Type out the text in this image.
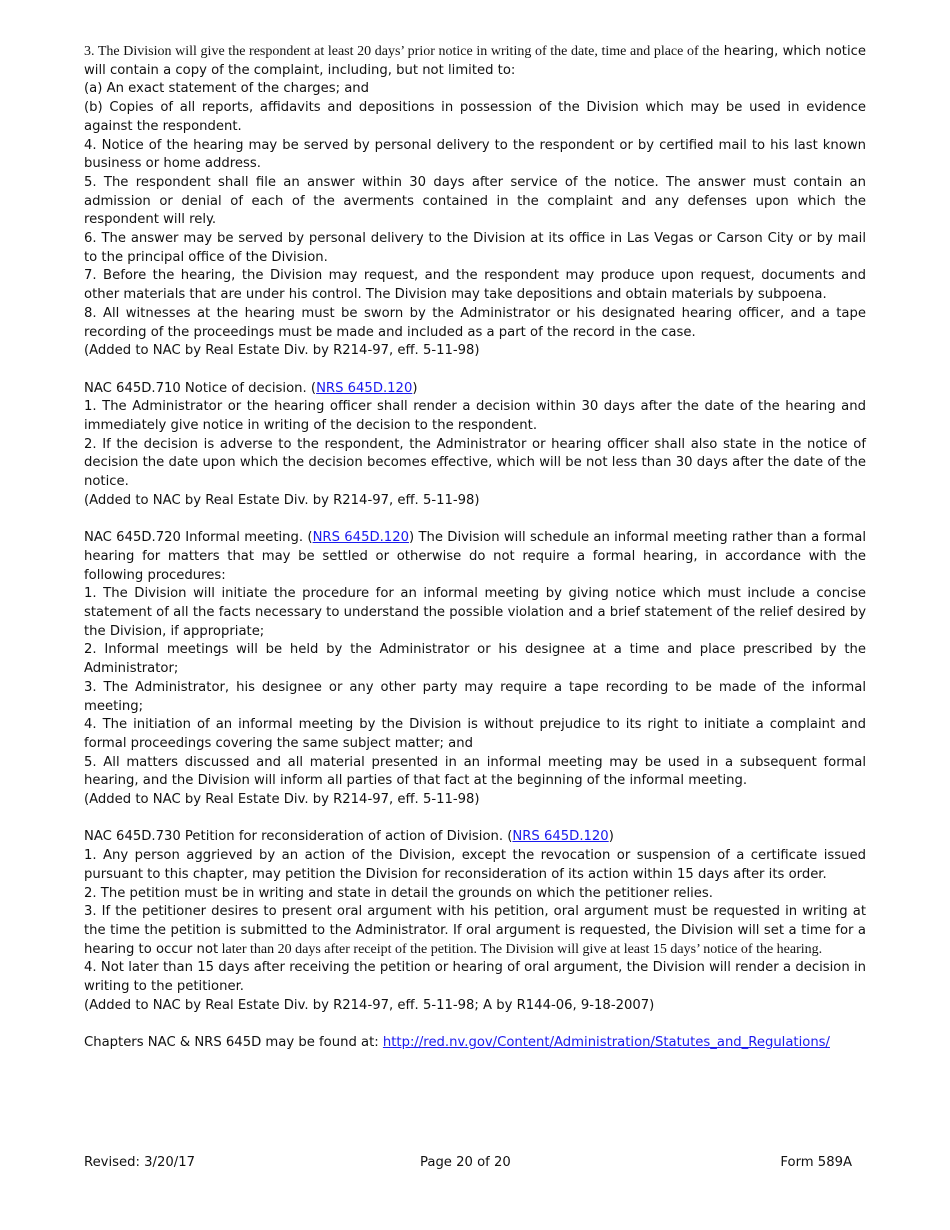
3. The Division will give the respondent at least 20 days’ prior notice in writing of the date, time and place of the hearing, which notice will contain a copy of the complaint, including, but not limited to:

(a) An exact statement of the charges; and

(b) Copies of all reports, affidavits and depositions in possession of the Division which may be used in evidence against the respondent.

4. Notice of the hearing may be served by personal delivery to the respondent or by certified mail to his last known business or home address.

5. The respondent shall file an answer within 30 days after service of the notice. The answer must contain an admission or denial of each of the averments contained in the complaint and any defenses upon which the respondent will rely.

6. The answer may be served by personal delivery to the Division at its office in Las Vegas or Carson City or by mail to the principal office of the Division.

7. Before the hearing, the Division may request, and the respondent may produce upon request, documents and other materials that are under his control. The Division may take depositions and obtain materials by subpoena.

8. All witnesses at the hearing must be sworn by the Administrator or his designated hearing officer, and a tape recording of the proceedings must be made and included as a part of the record in the case.

(Added to NAC by Real Estate Div. by R214-97, eff. 5-11-98)

NAC 645D.710 Notice of decision. (NRS 645D.120)

1. The Administrator or the hearing officer shall render a decision within 30 days after the date of the hearing and immediately give notice in writing of the decision to the respondent.

2. If the decision is adverse to the respondent, the Administrator or hearing officer shall also state in the notice of decision the date upon which the decision becomes effective, which will be not less than 30 days after the date of the notice.

(Added to NAC by Real Estate Div. by R214-97, eff. 5-11-98)

NAC 645D.720 Informal meeting. (NRS 645D.120) The Division will schedule an informal meeting rather than a formal hearing for matters that may be settled or otherwise do not require a formal hearing, in accordance with the following procedures:

1. The Division will initiate the procedure for an informal meeting by giving notice which must include a concise statement of all the facts necessary to understand the possible violation and a brief statement of the relief desired by the Division, if appropriate;

2. Informal meetings will be held by the Administrator or his designee at a time and place prescribed by the Administrator;

3. The Administrator, his designee or any other party may require a tape recording to be made of the informal meeting;

4. The initiation of an informal meeting by the Division is without prejudice to its right to initiate a complaint and formal proceedings covering the same subject matter; and

5. All matters discussed and all material presented in an informal meeting may be used in a subsequent formal hearing, and the Division will inform all parties of that fact at the beginning of the informal meeting.

(Added to NAC by Real Estate Div. by R214-97, eff. 5-11-98)

NAC 645D.730 Petition for reconsideration of action of Division. (NRS 645D.120)

1. Any person aggrieved by an action of the Division, except the revocation or suspension of a certificate issued pursuant to this chapter, may petition the Division for reconsideration of its action within 15 days after its order.

2. The petition must be in writing and state in detail the grounds on which the petitioner relies.

3. If the petitioner desires to present oral argument with his petition, oral argument must be requested in writing at the time the petition is submitted to the Administrator. If oral argument is requested, the Division will set a time for a hearing to occur not later than 20 days after receipt of the petition. The Division will give at least 15 days’ notice of the hearing.

4. Not later than 15 days after receiving the petition or hearing of oral argument, the Division will render a decision in writing to the petitioner.

(Added to NAC by Real Estate Div. by R214-97, eff. 5-11-98; A by R144-06, 9-18-2007)

Chapters NAC & NRS 645D may be found at: http://red.nv.gov/Content/Administration/Statutes_and_Regulations/

Revised: 3/20/17	Page 20 of 20	Form 589A
